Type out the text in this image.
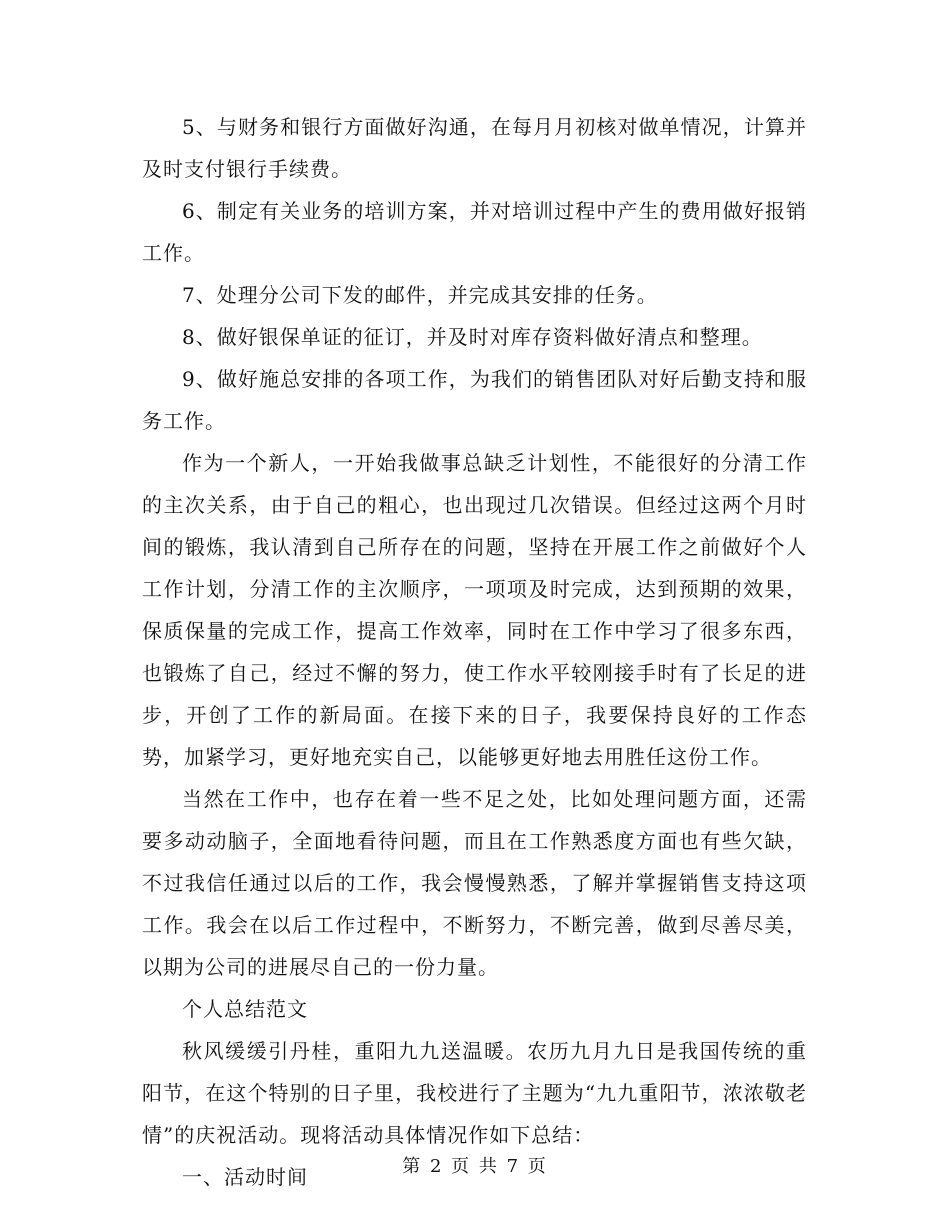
5、与财务和银行方面做好沟通，在每月月初核对做单情况，计算并及时支付银行手续费。

6、制定有关业务的培训方案，并对培训过程中产生的费用做好报销工作。

7、处理分公司下发的邮件，并完成其安排的任务。

8、做好银保单证的征订，并及时对库存资料做好清点和整理。

9、做好施总安排的各项工作，为我们的销售团队对好后勤支持和服务工作。

作为一个新人，一开始我做事总缺乏计划性，不能很好的分清工作的主次关系，由于自己的粗心，也出现过几次错误。但经过这两个月时间的锻炼，我认清到自己所存在的问题，坚持在开展工作之前做好个人工作计划，分清工作的主次顺序，一项项及时完成，达到预期的效果，保质保量的完成工作，提高工作效率，同时在工作中学习了很多东西，也锻炼了自己，经过不懈的努力，使工作水平较刚接手时有了长足的进步，开创了工作的新局面。在接下来的日子，我要保持良好的工作态势，加紧学习，更好地充实自己，以能够更好地去用胜任这份工作。

当然在工作中，也存在着一些不足之处，比如处理问题方面，还需要多动动脑子，全面地看待问题，而且在工作熟悉度方面也有些欠缺，不过我信任通过以后的工作，我会慢慢熟悉，了解并掌握销售支持这项工作。我会在以后工作过程中，不断努力，不断完善，做到尽善尽美，以期为公司的进展尽自己的一份力量。

个人总结范文

秋风缓缓引丹桂，重阳九九送温暖。农历九月九日是我国传统的重阳节，在这个特别的日子里，我校进行了主题为“九九重阳节，浓浓敬老情”的庆祝活动。现将活动具体情况作如下总结：

一、活动时间	第 2 页 共 7 页
